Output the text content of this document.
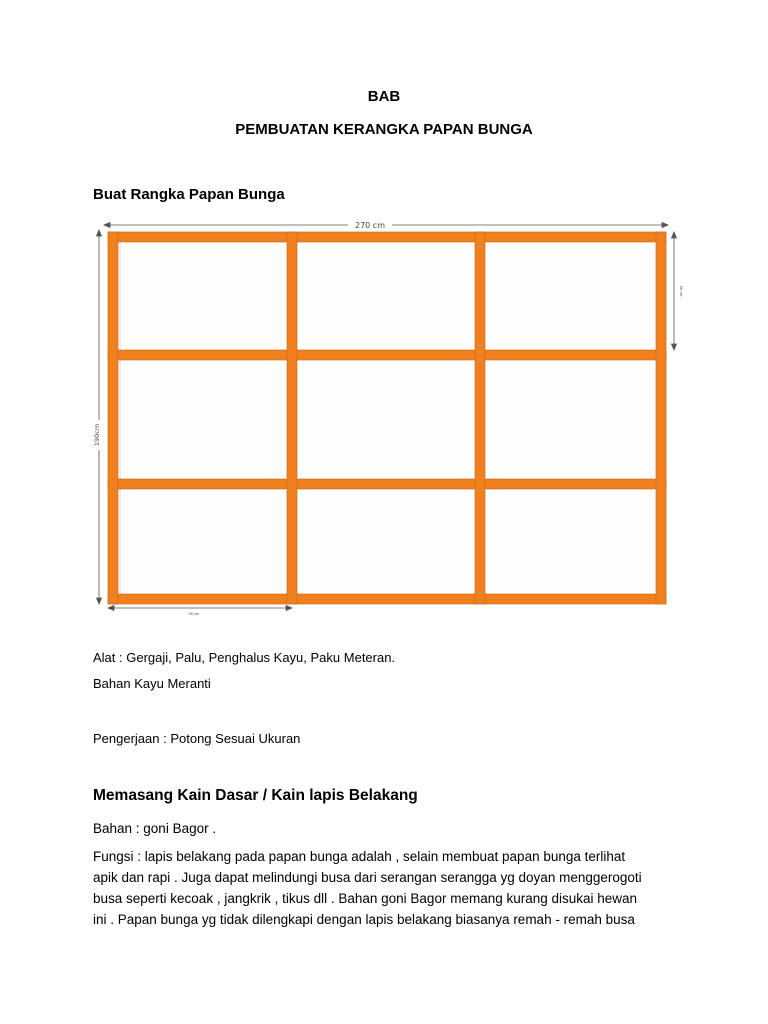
BAB
PEMBUATAN KERANGKA PAPAN BUNGA
Buat Rangka Papan Bunga
270 cm
190cm
90 cm
90 cm
Alat : Gergaji, Palu, Penghalus Kayu, Paku Meteran.
Bahan Kayu Meranti
Pengerjaan : Potong Sesuai Ukuran
Memasang Kain Dasar / Kain lapis Belakang
Bahan : goni Bagor .
Fungsi : lapis belakang pada papan bunga adalah , selain membuat papan bunga terlihat
apik dan rapi . Juga dapat melindungi busa dari serangan serangga yg doyan menggerogoti
busa seperti kecoak , jangkrik , tikus dll . Bahan goni Bagor memang kurang disukai hewan
ini . Papan bunga yg tidak dilengkapi dengan lapis belakang biasanya remah - remah busa
